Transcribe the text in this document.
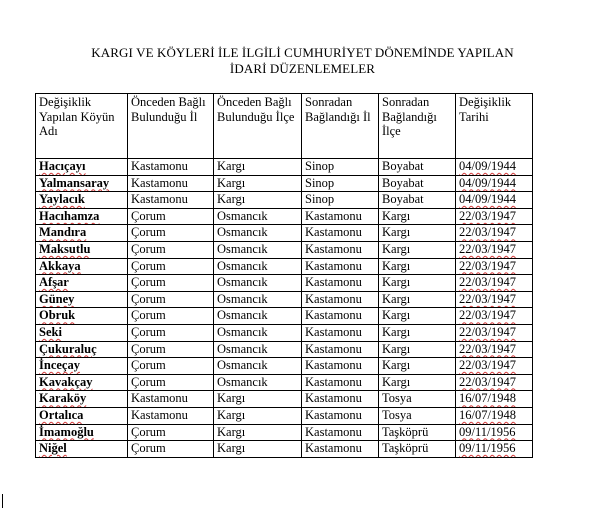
KARGI VE KÖYLERİ İLE İLGİLİ CUMHURİYET DÖNEMİNDE YAPILAN
İDARİ DÜZENLEMELER
Değişiklik Yapılan Köyün Adı	Önceden Bağlı Bulunduğu İl	Önceden Bağlı Bulunduğu İlçe	Sonradan Bağlandığı İl	Sonradan Bağlandığı İlçe	Değişiklik Tarihi
Hacıçayı	Kastamonu	Kargı	Sinop	Boyabat	04/09/1944
Yalmansaray	Kastamonu	Kargı	Sinop	Boyabat	04/09/1944
Yaylacık	Kastamonu	Kargı	Sinop	Boyabat	04/09/1944
Hacıhamza	Çorum	Osmancık	Kastamonu	Kargı	22/03/1947
Mandıra	Çorum	Osmancık	Kastamonu	Kargı	22/03/1947
Maksutlu	Çorum	Osmancık	Kastamonu	Kargı	22/03/1947
Akkaya	Çorum	Osmancık	Kastamonu	Kargı	22/03/1947
Afşar	Çorum	Osmancık	Kastamonu	Kargı	22/03/1947
Güney	Çorum	Osmancık	Kastamonu	Kargı	22/03/1947
Obruk	Çorum	Osmancık	Kastamonu	Kargı	22/03/1947
Seki	Çorum	Osmancık	Kastamonu	Kargı	22/03/1947
Çukuraluç	Çorum	Osmancık	Kastamonu	Kargı	22/03/1947
İnceçay	Çorum	Osmancık	Kastamonu	Kargı	22/03/1947
Kavakçay	Çorum	Osmancık	Kastamonu	Kargı	22/03/1947
Karaköy	Kastamonu	Kargı	Kastamonu	Tosya	16/07/1948
Ortalıca	Kastamonu	Kargı	Kastamonu	Tosya	16/07/1948
İmamoğlu	Çorum	Kargı	Kastamonu	Taşköprü	09/11/1956
Niğel	Çorum	Kargı	Kastamonu	Taşköprü	09/11/1956
